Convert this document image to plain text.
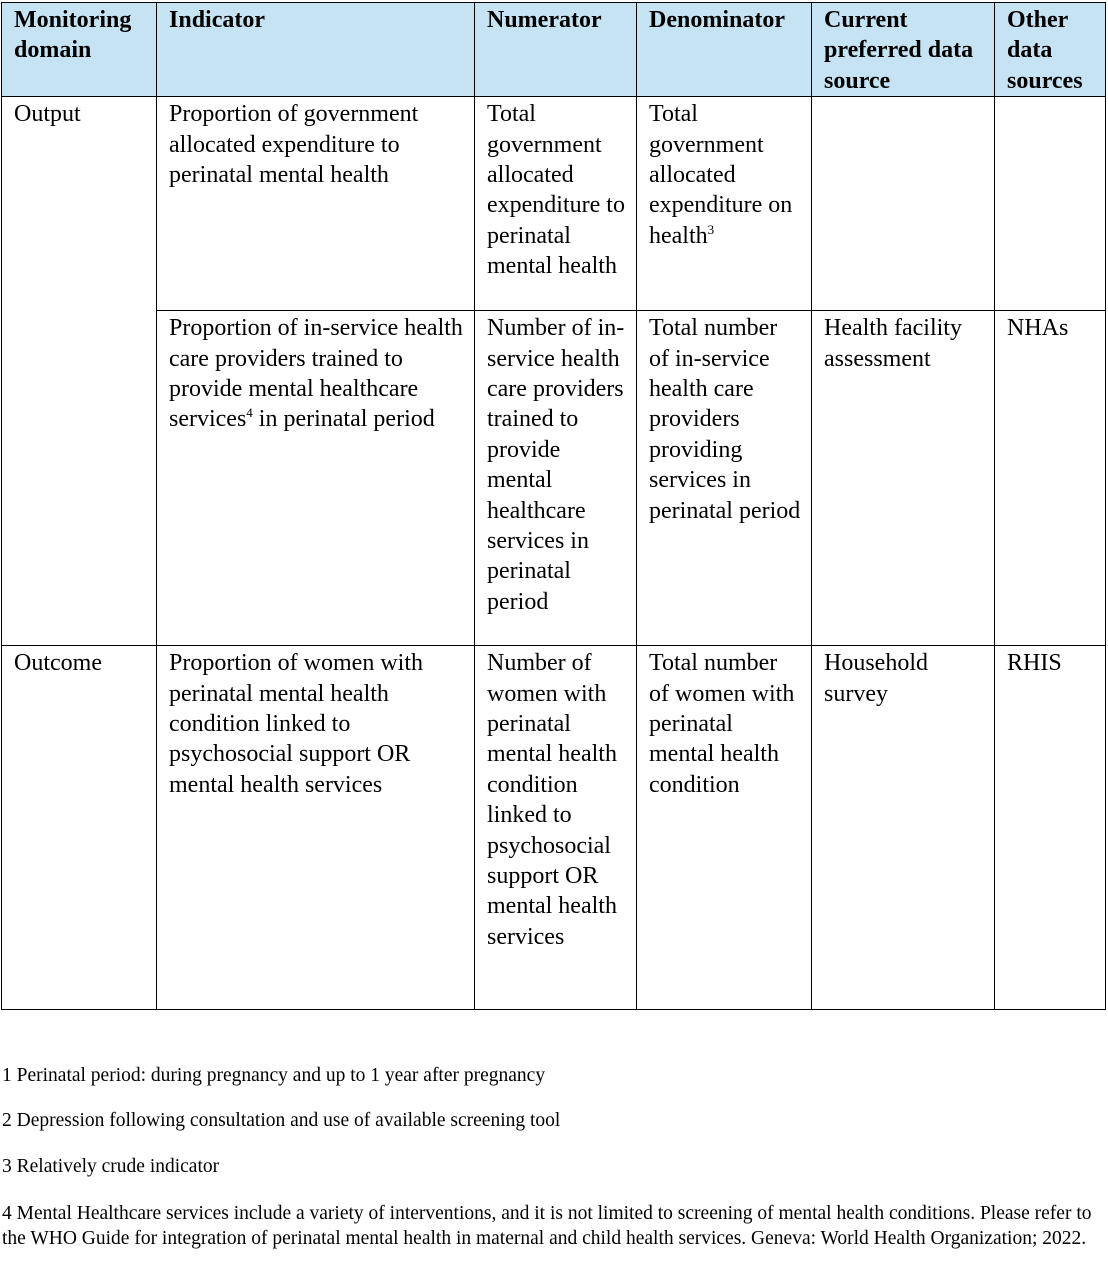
Monitoring domain	Indicator	Numerator	Denominator	Current preferred data source	Other data sources
Output	Proportion of government allocated expenditure to perinatal mental health	Total government allocated expenditure to perinatal mental health	Total government allocated expenditure on health$^3$		
	Proportion of in-service health care providers trained to provide mental healthcare services$^4$ in perinatal period	Number of in-service health care providers trained to provide mental healthcare services in perinatal period	Total number of in-service health care providers providing services in perinatal period	Health facility assessment	NHAs
Outcome	Proportion of women with perinatal mental health condition linked to psychosocial support OR mental health services	Number of women with perinatal mental health condition linked to psychosocial support OR mental health services	Total number of women with perinatal mental health condition	Household survey	RHIS
1 Perinatal period: during pregnancy and up to 1 year after pregnancy
2 Depression following consultation and use of available screening tool
3 Relatively crude indicator
4 Mental Healthcare services include a variety of interventions, and it is not limited to screening of mental health conditions. Please refer to the WHO Guide for integration of perinatal mental health in maternal and child health services. Geneva: World Health Organization; 2022.
